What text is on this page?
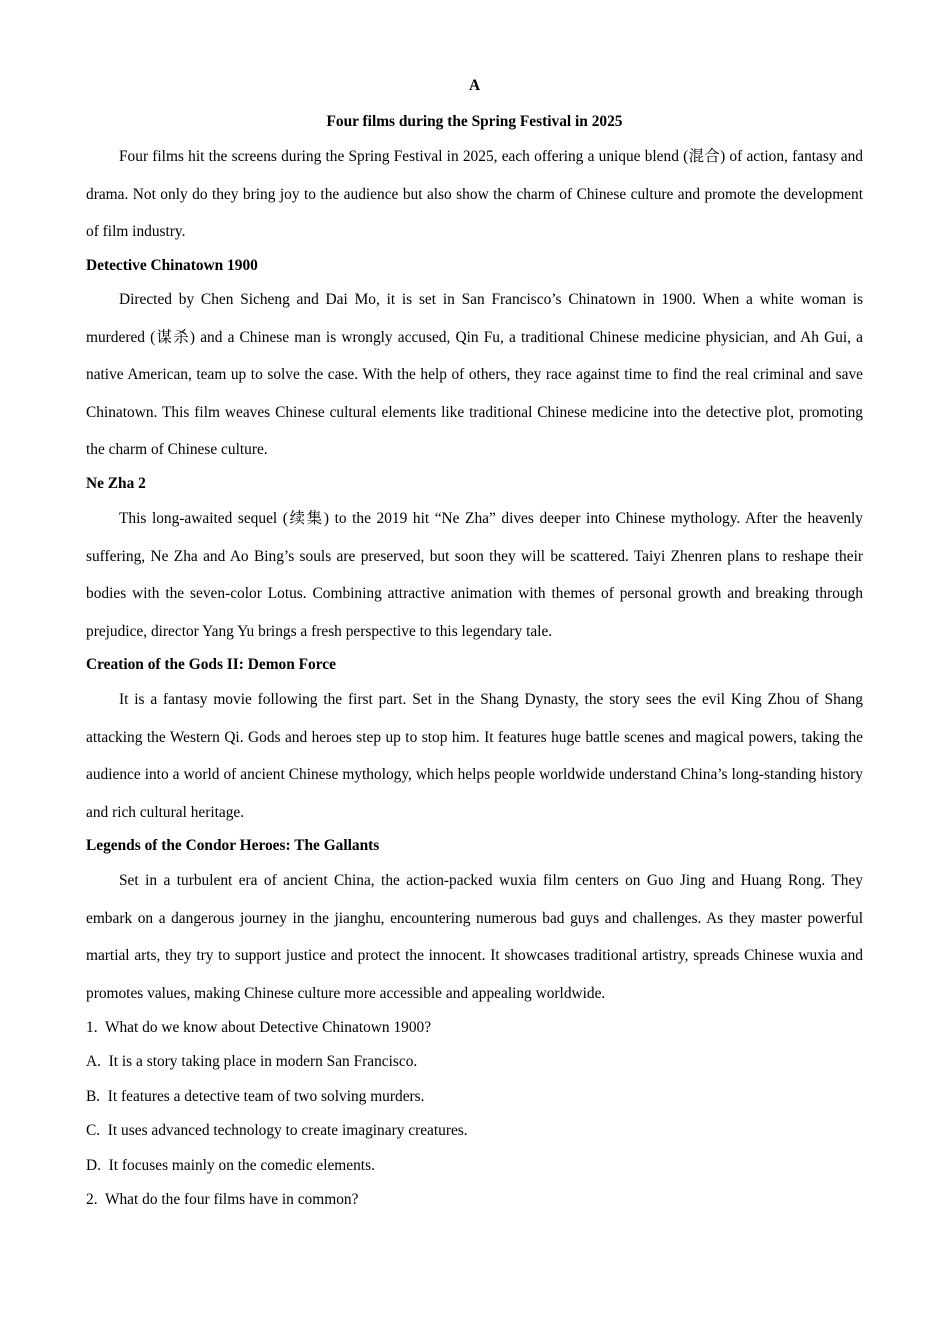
A
Four films during the Spring Festival in 2025
Four films hit the screens during the Spring Festival in 2025, each offering a unique blend (混合) of action, fantasy and drama. Not only do they bring joy to the audience but also show the charm of Chinese culture and promote the development of film industry.
Detective Chinatown 1900
Directed by Chen Sicheng and Dai Mo, it is set in San Francisco’s Chinatown in 1900. When a white woman is murdered (谋杀) and a Chinese man is wrongly accused, Qin Fu, a traditional Chinese medicine physician, and Ah Gui, a native American, team up to solve the case. With the help of others, they race against time to find the real criminal and save Chinatown. This film weaves Chinese cultural elements like traditional Chinese medicine into the detective plot, promoting the charm of Chinese culture.
Ne Zha 2
This long-awaited sequel (续集) to the 2019 hit “Ne Zha” dives deeper into Chinese mythology. After the heavenly suffering, Ne Zha and Ao Bing’s souls are preserved, but soon they will be scattered. Taiyi Zhenren plans to reshape their bodies with the seven-color Lotus. Combining attractive animation with themes of personal growth and breaking through prejudice, director Yang Yu brings a fresh perspective to this legendary tale.
Creation of the Gods II: Demon Force
It is a fantasy movie following the first part. Set in the Shang Dynasty, the story sees the evil King Zhou of Shang attacking the Western Qi. Gods and heroes step up to stop him. It features huge battle scenes and magical powers, taking the audience into a world of ancient Chinese mythology, which helps people worldwide understand China’s long-standing history and rich cultural heritage.
Legends of the Condor Heroes: The Gallants
Set in a turbulent era of ancient China, the action-packed wuxia film centers on Guo Jing and Huang Rong. They embark on a dangerous journey in the jianghu, encountering numerous bad guys and challenges. As they master powerful martial arts, they try to support justice and protect the innocent. It showcases traditional artistry, spreads Chinese wuxia and promotes values, making Chinese culture more accessible and appealing worldwide.
1.  What do we know about Detective Chinatown 1900?
A.  It is a story taking place in modern San Francisco.
B.  It features a detective team of two solving murders.
C.  It uses advanced technology to create imaginary creatures.
D.  It focuses mainly on the comedic elements.
2.  What do the four films have in common?
